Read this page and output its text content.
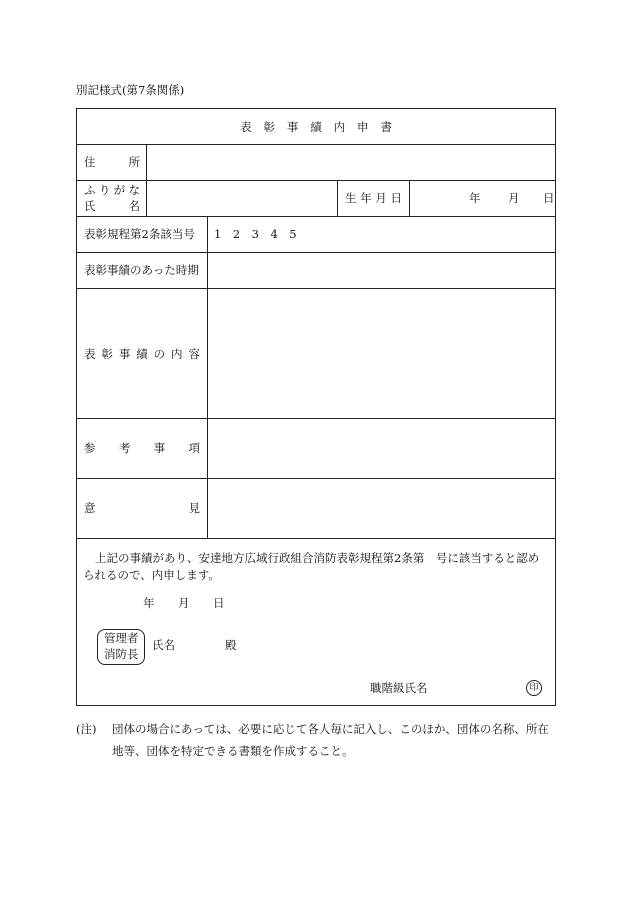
別記様式(第7条関係)
表 彰 事 績 内 申 書
住	所
ふ り が な
氏	名
生 年 月 日	年 月 日
表彰規程第2条該当号 1　2　3　4　5
表彰事績のあった時期
表 彰 事 績 の 内 容
参 考 事 項
意	見
上記の事績があり、安達地方広域行政組合消防表彰規程第2条第　号に該当すると認め
られるので、内申します。
年 月 日
管理者
消防長
氏名	殿
職階級氏名	印
(注) 団体の場合にあっては、必要に応じて各人毎に記入し、このほか、団体の名称、所在地等、団体を特定できる書類を作成すること。
